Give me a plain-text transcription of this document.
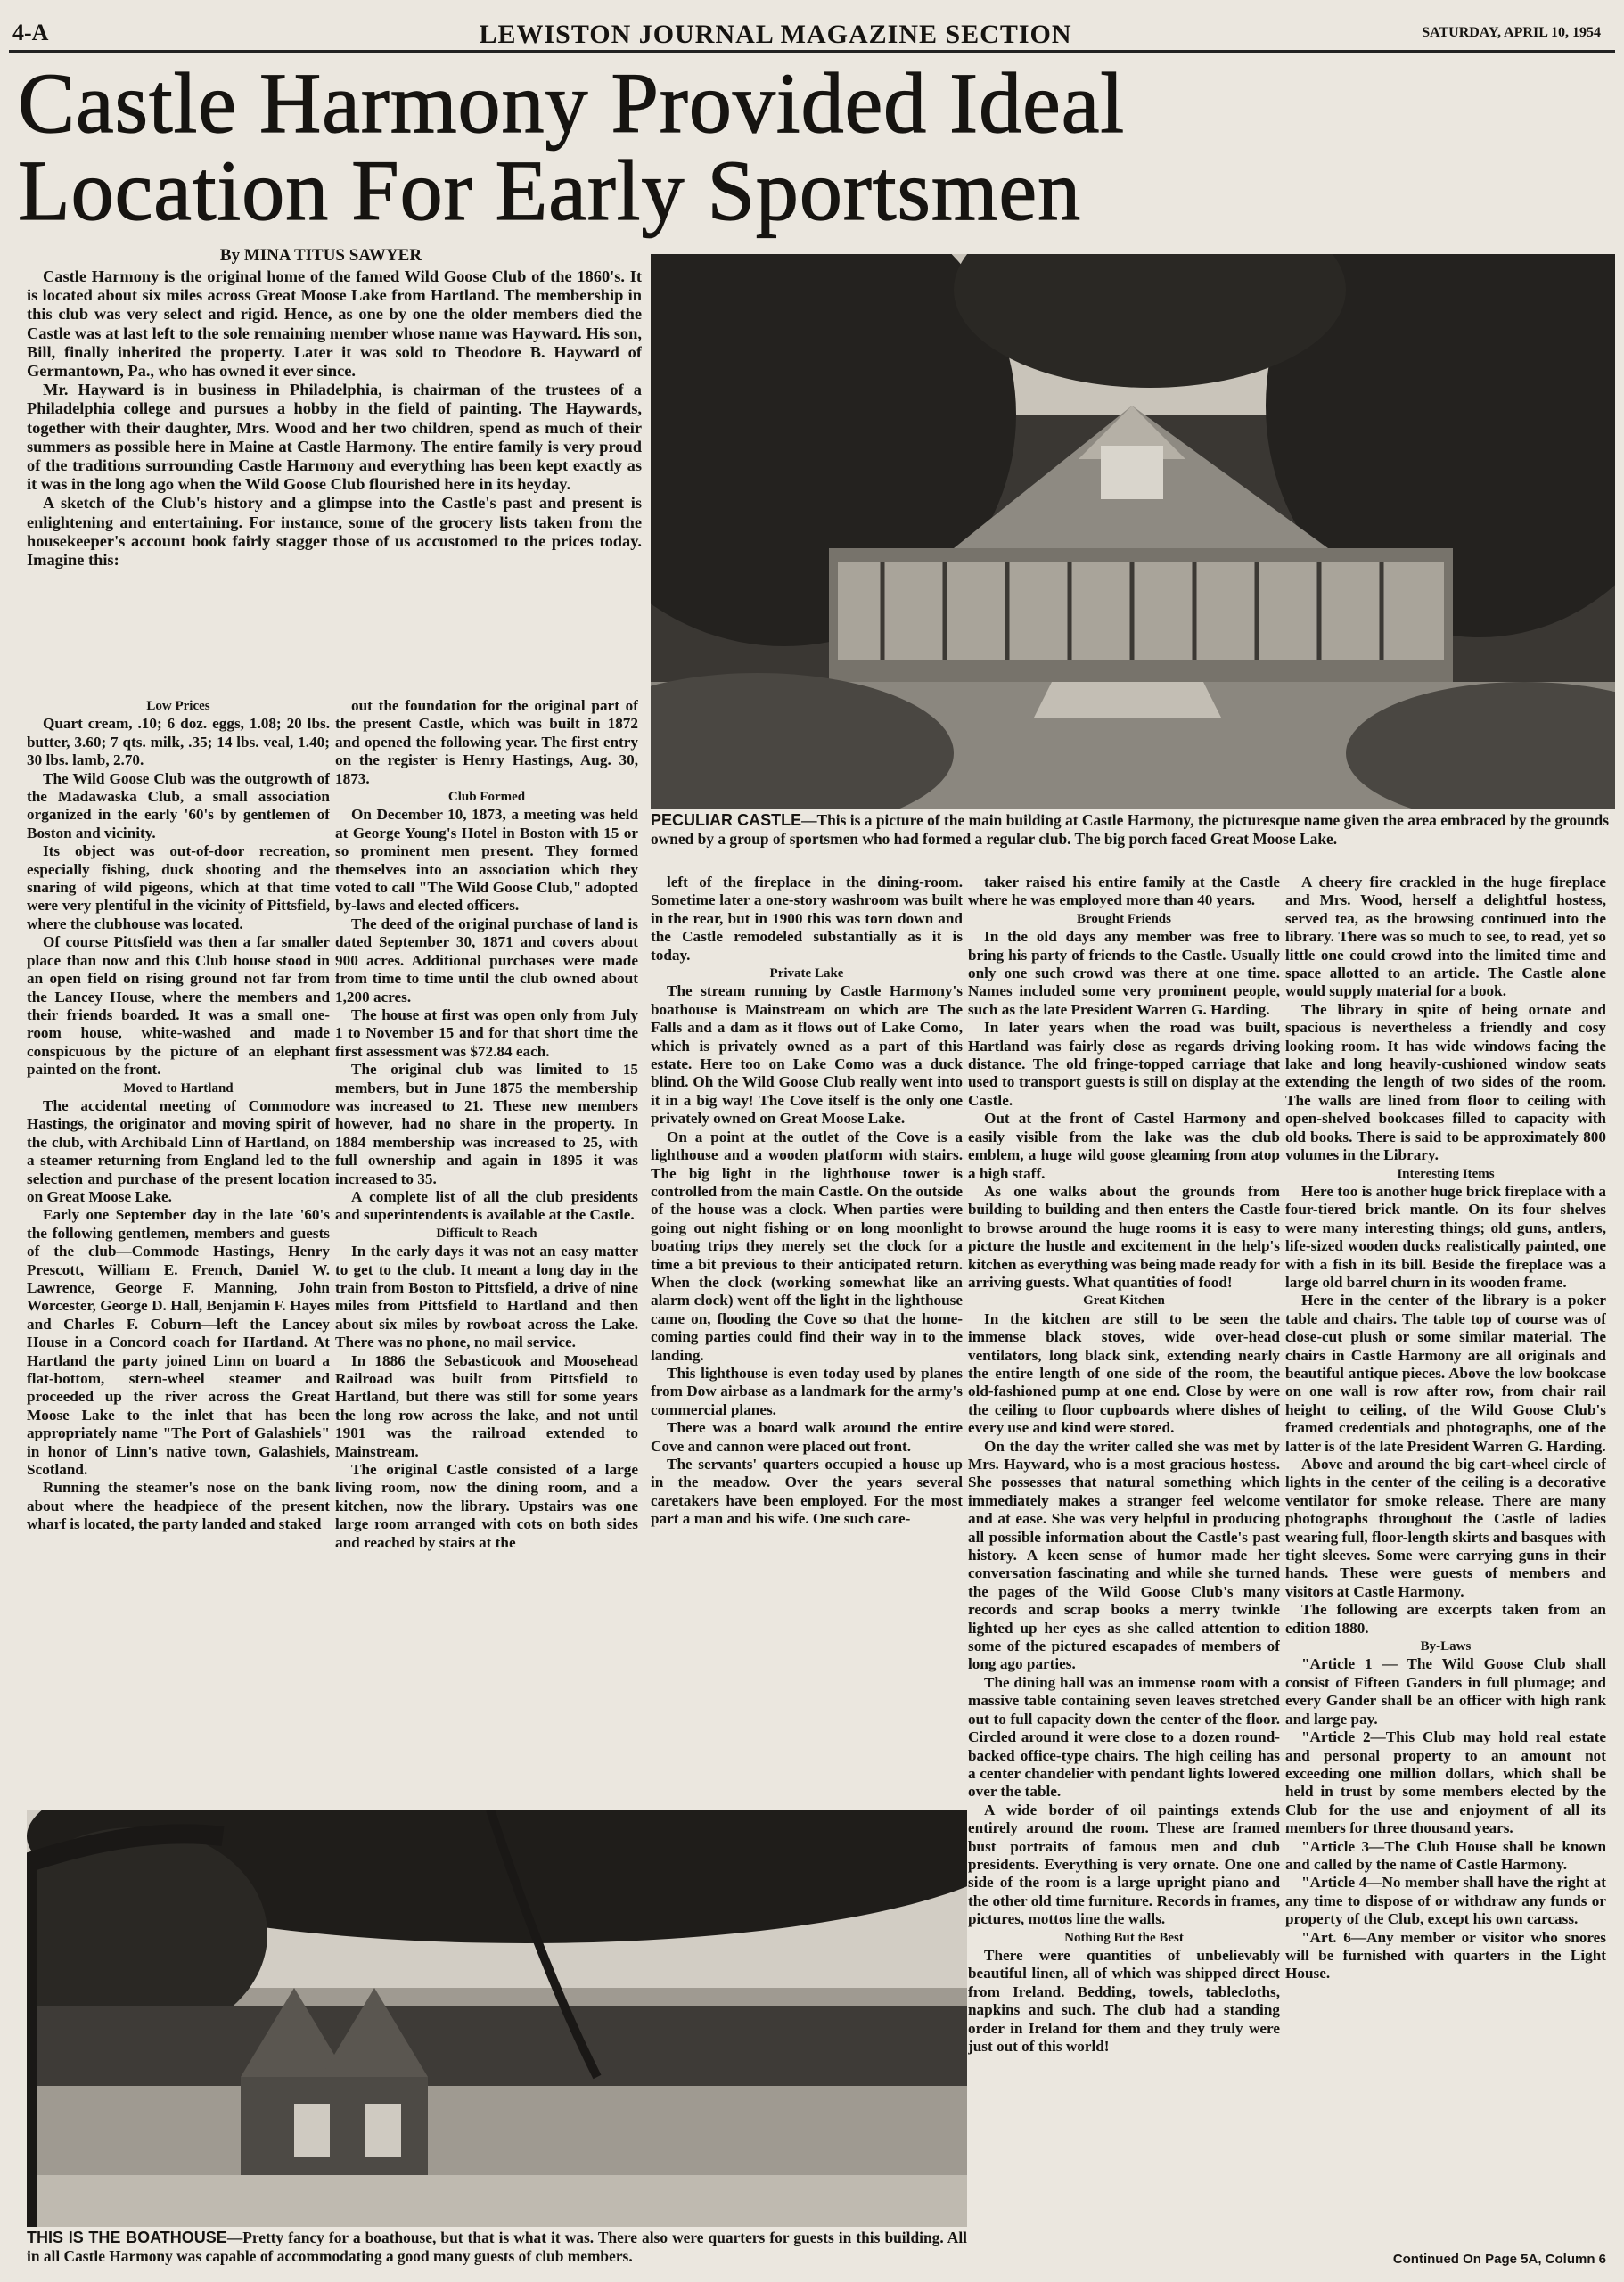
4-A	LEWISTON JOURNAL MAGAZINE SECTION	SATURDAY, APRIL 10, 1954
Castle Harmony Provided Ideal
Location For Early Sportsmen
By MINA TITUS SAWYER

Castle Harmony is the original home of the famed Wild Goose Club of the 1860's. It is located about six miles across Great Moose Lake from Hartland. The membership in this club was very select and rigid. Hence, as one by one the older members died the Castle was at last left to the sole remaining member whose name was Hayward. His son, Bill, finally inherited the property. Later it was sold to Theodore B. Hayward of Germantown, Pa., who has owned it ever since.

Mr. Hayward is in business in Philadelphia, is chairman of the trustees of a Philadelphia college and pursues a hobby in the field of painting. The Haywards, together with their daughter, Mrs. Wood and her two children, spend as much of their summers as possible here in Maine at Castle Harmony. The entire family is very proud of the traditions surrounding Castle Harmony and everything has been kept exactly as it was in the long ago when the Wild Goose Club flourished here in its heyday.

A sketch of the Club's history and a glimpse into the Castle's past and present is enlightening and entertaining. For instance, some of the grocery lists taken from the housekeeper's account book fairly stagger those of us accustomed to the prices today. Imagine this:

Low Prices

Quart cream, .10; 6 doz. eggs, 1.08; 20 lbs. butter, 3.60; 7 qts. milk, .35; 14 lbs. veal, 1.40; 30 lbs. lamb, 2.70.

The Wild Goose Club was the outgrowth of the Madawaska Club, a small association organized in the early '60's by gentlemen of Boston and vicinity.

Its object was out-of-door recreation, especially fishing, duck shooting and the snaring of wild pigeons, which at that time were very plentiful in the vicinity of Pittsfield, where the clubhouse was located.

Of course Pittsfield was then a far smaller place than now and this Club house stood in an open field on rising ground not far from the Lancey House, where the members and their friends boarded. It was a small one-room house, white-washed and made conspicuous by the picture of an elephant painted on the front.

Moved to Hartland

The accidental meeting of Commodore Hastings, the originator and moving spirit of the club, with Archibald Linn of Hartland, on a steamer returning from England led to the selection and purchase of the present location on Great Moose Lake.

Early one September day in the late '60's the following gentlemen, members and guests of the club—Commode Hastings, Henry Prescott, William E. French, Daniel W. Lawrence, George F. Manning, John Worcester, George D. Hall, Benjamin F. Hayes and Charles F. Coburn—left the Lancey House in a Concord coach for Hartland. At Hartland the party joined Linn on board a flat-bottom, stern-wheel steamer and proceeded up the river across the Great Moose Lake to the inlet that has been appropriately name "The Port of Galashiels" in honor of Linn's native town, Galashiels, Scotland.

Running the steamer's nose on the bank about where the headpiece of the present wharf is located, the party landed and staked

out the foundation for the original part of the present Castle, which was built in 1872 and opened the following year. The first entry on the register is Henry Hastings, Aug. 30, 1873.

Club Formed

On December 10, 1873, a meeting was held at George Young's Hotel in Boston with 15 or so prominent men present. They formed themselves into an association which they voted to call "The Wild Goose Club," adopted by-laws and elected officers.

The deed of the original purchase of land is dated September 30, 1871 and covers about 900 acres. Additional purchases were made from time to time until the club owned about 1,200 acres.

The house at first was open only from July 1 to November 15 and for that short time the first assessment was $72.84 each.

The original club was limited to 15 members, but in June 1875 the membership was increased to 21. These new members however, had no share in the property. In 1884 membership was increased to 25, with full ownership and again in 1895 it was increased to 35.

A complete list of all the club presidents and superintendents is available at the Castle.

Difficult to Reach

In the early days it was not an easy matter to get to the club. It meant a long day in the train from Boston to Pittsfield, a drive of nine miles from Pittsfield to Hartland and then about six miles by rowboat across the Lake. There was no phone, no mail service.

In 1886 the Sebasticook and Moosehead Railroad was built from Pittsfield to Hartland, but there was still for some years the long row across the lake, and not until 1901 was the railroad extended to Mainstream.

The original Castle consisted of a large living room, now the dining room, and a kitchen, now the library. Upstairs was one large room arranged with cots on both sides and reached by stairs at the

PECULIAR CASTLE—This is a picture of the main building at Castle Harmony, the picturesque name given the area embraced by the grounds owned by a group of sportsmen who had formed a regular club. The big porch faced Great Moose Lake.

left of the fireplace in the dining-room. Sometime later a one-story washroom was built in the rear, but in 1900 this was torn down and the Castle remodeled substantially as it is today.

Private Lake

The stream running by Castle Harmony's boathouse is Mainstream on which are The Falls and a dam as it flows out of Lake Como, which is privately owned as a part of this estate. Here too on Lake Como was a duck blind. Oh the Wild Goose Club really went into it in a big way! The Cove itself is the only one privately owned on Great Moose Lake.

On a point at the outlet of the Cove is a lighthouse and a wooden platform with stairs. The big light in the lighthouse tower is controlled from the main Castle. On the outside of the house was a clock. When parties were going out night fishing or on long moonlight boating trips they merely set the clock for a time a bit previous to their anticipated return. When the clock (working somewhat like an alarm clock) went off the light in the lighthouse came on, flooding the Cove so that the home-coming parties could find their way in to the landing.

This lighthouse is even today used by planes from Dow airbase as a landmark for the army's commercial planes.

There was a board walk around the entire Cove and cannon were placed out front.

The servants' quarters occupied a house up in the meadow. Over the years several caretakers have been employed. For the most part a man and his wife. One such care-

taker raised his entire family at the Castle where he was employed more than 40 years.

Brought Friends

In the old days any member was free to bring his party of friends to the Castle. Usually only one such crowd was there at one time. Names included some very prominent people, such as the late President Warren G. Harding.

In later years when the road was built, Hartland was fairly close as regards driving distance. The old fringe-topped carriage that used to transport guests is still on display at the Castle.

Out at the front of Castel Harmony and easily visible from the lake was the club emblem, a huge wild goose gleaming from atop a high staff.

As one walks about the grounds from building to building and then enters the Castle to browse around the huge rooms it is easy to picture the hustle and excitement in the help's kitchen as everything was being made ready for arriving guests. What quantities of food!

Great Kitchen

In the kitchen are still to be seen the immense black stoves, wide over-head ventilators, long black sink, extending nearly the entire length of one side of the room, the old-fashioned pump at one end. Close by were the ceiling to floor cupboards where dishes of every use and kind were stored.

On the day the writer called she was met by Mrs. Hayward, who is a most gracious hostess. She possesses that natural something which immediately makes a stranger feel welcome and at ease. She was very helpful in producing all possible information about the Castle's past history. A keen sense of humor made her conversation fascinating and while she turned the pages of the Wild Goose Club's many records and scrap books a merry twinkle lighted up her eyes as she called attention to some of the pictured escapades of members of long ago parties.

The dining hall was an immense room with a massive table containing seven leaves stretched out to full capacity down the center of the floor. Circled around it were close to a dozen round-backed office-type chairs. The high ceiling has a center chandelier with pendant lights lowered over the table.

A wide border of oil paintings extends entirely around the room. These are framed bust portraits of famous men and club presidents. Everything is very ornate. One one side of the room is a large upright piano and the other old time furniture. Records in frames, pictures, mottos line the walls.

Nothing But the Best

There were quantities of unbelievably beautiful linen, all of which was shipped direct from Ireland. Bedding, towels, tablecloths, napkins and such. The club had a standing order in Ireland for them and they truly were just out of this world!

A cheery fire crackled in the huge fireplace and Mrs. Wood, herself a delightful hostess, served tea, as the browsing continued into the library. There was so much to see, to read, yet so little one could crowd into the limited time and space allotted to an article. The Castle alone would supply material for a book.

The library in spite of being ornate and spacious is nevertheless a friendly and cosy looking room. It has wide windows facing the lake and long heavily-cushioned window seats extending the length of two sides of the room. The walls are lined from floor to ceiling with open-shelved bookcases filled to capacity with old books. There is said to be approximately 800 volumes in the Library.

Interesting Items

Here too is another huge brick fireplace with a four-tiered brick mantle. On its four shelves were many interesting things; old guns, antlers, life-sized wooden ducks realistically painted, one with a fish in its bill. Beside the fireplace was a large old barrel churn in its wooden frame.

Here in the center of the library is a poker table and chairs. The table top of course was of close-cut plush or some similar material. The chairs in Castle Harmony are all originals and beautiful antique pieces. Above the low bookcase on one wall is row after row, from chair rail height to ceiling, of the Wild Goose Club's framed credentials and photographs, one of the latter is of the late President Warren G. Harding.

Above and around the big cart-wheel circle of lights in the center of the ceiling is a decorative ventilator for smoke release. There are many photographs throughout the Castle of ladies wearing full, floor-length skirts and basques with tight sleeves. Some were carrying guns in their hands. These were guests of members and visitors at Castle Harmony.

The following are excerpts taken from an edition 1880.

By-Laws

"Article 1 — The Wild Goose Club shall consist of Fifteen Ganders in full plumage; and every Gander shall be an officer with high rank and large pay.

"Article 2—This Club may hold real estate and personal property to an amount not exceeding one million dollars, which shall be held in trust by some members elected by the Club for the use and enjoyment of all its members for three thousand years.

"Article 3—The Club House shall be known and called by the name of Castle Harmony.

"Article 4—No member shall have the right at any time to dispose of or withdraw any funds or property of the Club, except his own carcass.

"Art. 6—Any member or visitor who snores will be furnished with quarters in the Light House.

THIS IS THE BOATHOUSE—Pretty fancy for a boathouse, but that is what it was. There also were quarters for guests in this building. All in all Castle Harmony was capable of accommodating a good many guests of club members.	Continued On Page 5A, Column 6
